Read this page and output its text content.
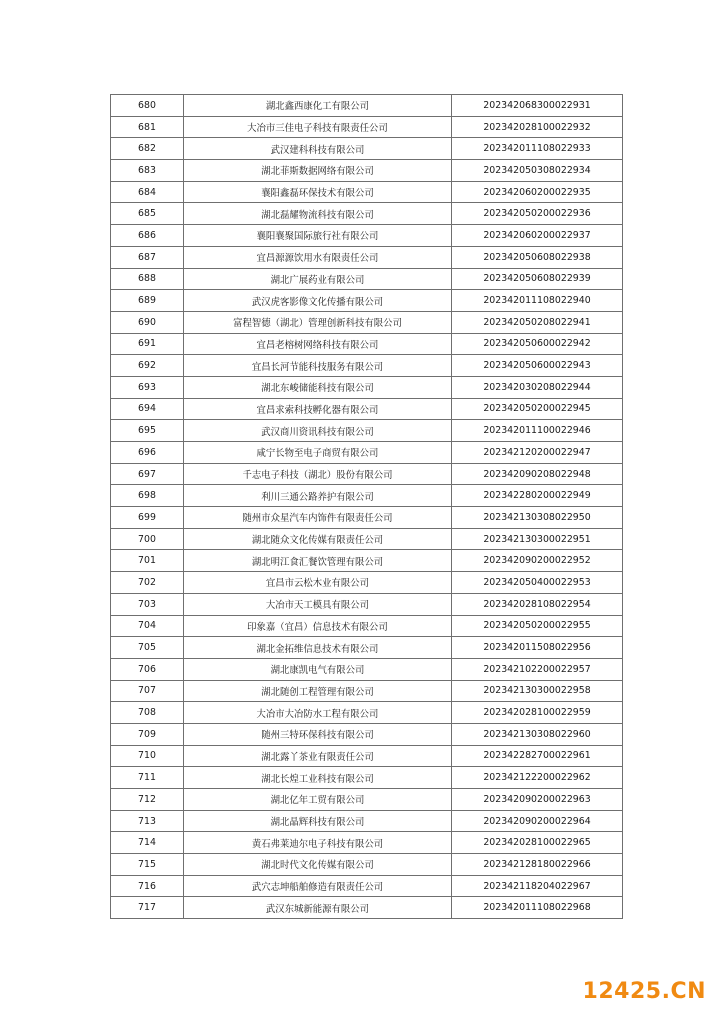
680	湖北鑫西康化工有限公司	2023420683000229З1
681	大冶市三佳电子科技有限责任公司	202342028100022932
682	武汉建科科技有限公司	202342011108022933
683	湖北菲斯数据网络有限公司	202342050308022934
684	襄阳鑫磊环保技术有限公司	202342060200022935
685	湖北磊耀物流科技有限公司	202342050200022936
686	襄阳襄聚国际旅行社有限公司	202342060200022937
687	宜昌源源饮用水有限责任公司	202342050608022938
688	湖北广展药业有限公司	202342050608022939
689	武汉虎客影像文化传播有限公司	202342011108022940
690	富程智德（湖北）管理创新科技有限公司	202342050208022941
691	宜昌老榕树网络科技有限公司	202342050600022942
692	宜昌长河节能科技服务有限公司	202342050600022943
693	湖北东峻储能科技有限公司	202342030208022944
694	宜昌求索科技孵化器有限公司	202342050200022945
695	武汉商川资讯科技有限公司	202342011100022946
696	咸宁长物至电子商贸有限公司	202342120200022947
697	千志电子科技（湖北）股份有限公司	202342090208022948
698	利川三通公路养护有限公司	202342280200022949
699	随州市众星汽车内饰件有限责任公司	202342130308022950
700	湖北随众文化传媒有限责任公司	202342130300022951
701	湖北明江食汇餐饮管理有限公司	202342090200022952
702	宜昌市云松木业有限公司	202342050400022953
703	大冶市天工模具有限公司	202342028108022954
704	印象嘉（宜昌）信息技术有限公司	202342050200022955
705	湖北金拓维信息技术有限公司	202342011508022956
706	湖北康凯电气有限公司	202342102200022957
707	湖北随创工程管理有限公司	202342130300022958
708	大冶市大冶防水工程有限公司	202342028100022959
709	随州三特环保科技有限公司	202342130308022960
710	湖北露丫茶业有限责任公司	202342282700022961
711	湖北长煌工业科技有限公司	202342122200022962
712	湖北亿年工贸有限公司	202342090200022963
713	湖北晶辉科技有限公司	202342090200022964
714	黄石弗莱迪尔电子科技有限公司	202342028100022965
715	湖北时代文化传媒有限公司	202342128180022966
716	武穴志坤船舶修造有限责任公司	202342118204022967
717	武汉东城新能源有限公司	202342011108022968
12425.CN
